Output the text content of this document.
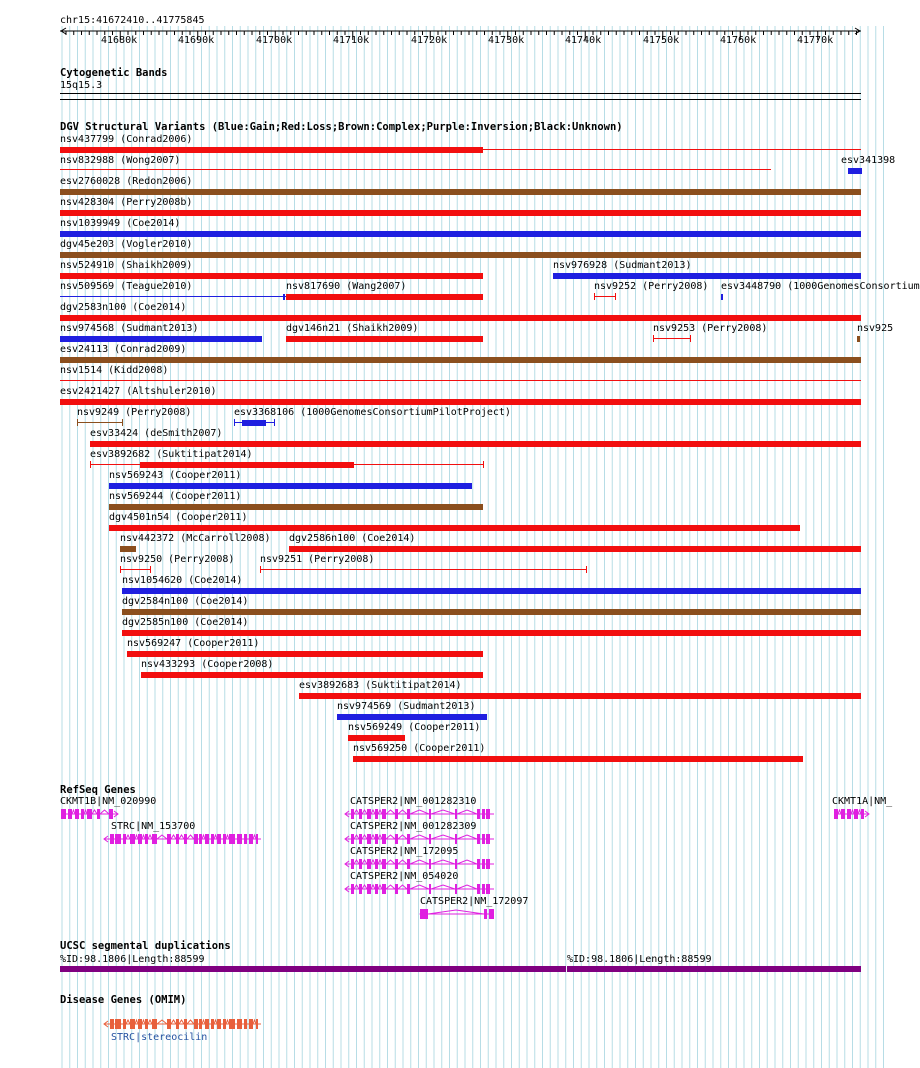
chr15:41672410..41775845
41680k	41690k	41700k	41710k	41720k	41730k	41740k	41750k	41760k	41770k
Cytogenetic Bands
15q15.3
DGV Structural Variants (Blue:Gain;Red:Loss;Brown:Complex;Purple:Inversion;Black:Unknown)
nsv437799 (Conrad2006)
nsv832988 (Wong2007)	esv341398
esv2760028 (Redon2006)
nsv428304 (Perry2008b)
nsv1039949 (Coe2014)
dgv45e203 (Vogler2010)
nsv524910 (Shaikh2009)	nsv976928 (Sudmant2013)
nsv509569 (Teague2010)	nsv817690 (Wang2007)	nsv9252 (Perry2008) esv3448790 (1000GenomesConsortium
dgv2583n100 (Coe2014)
nsv974568 (Sudmant2013)	dgv146n21 (Shaikh2009)	nsv9253 (Perry2008)	nsv925
esv24113 (Conrad2009)
nsv1514 (Kidd2008)
esv2421427 (Altshuler2010)
nsv9249 (Perry2008)	esv3368106 (1000GenomesConsortiumPilotProject)
esv33424 (deSmith2007)
esv3892682 (Suktitipat2014)
nsv569243 (Cooper2011)
nsv569244 (Cooper2011)
dgv4501n54 (Cooper2011)
nsv442372 (McCarroll2008) dgv2586n100 (Coe2014)
nsv9250 (Perry2008)	nsv9251 (Perry2008)
nsv1054620 (Coe2014)
dgv2584n100 (Coe2014)
dgv2585n100 (Coe2014)
nsv569247 (Cooper2011)
nsv433293 (Cooper2008)
esv3892683 (Suktitipat2014)
nsv974569 (Sudmant2013)
nsv569249 (Cooper2011)
nsv569250 (Cooper2011)
RefSeq Genes
CKMT1B|NM_020990
STRC|NM_153700
CATSPER2|NM_001282310
CATSPER2|NM_001282309
CATSPER2|NM_172095
CATSPER2|NM_054020
CATSPER2|NM_172097
CKMT1A|NM_
UCSC segmental duplications
%ID:98.1806|Length:88599	%ID:98.1806|Length:88599
Disease Genes (OMIM)
STRC|stereocilin
